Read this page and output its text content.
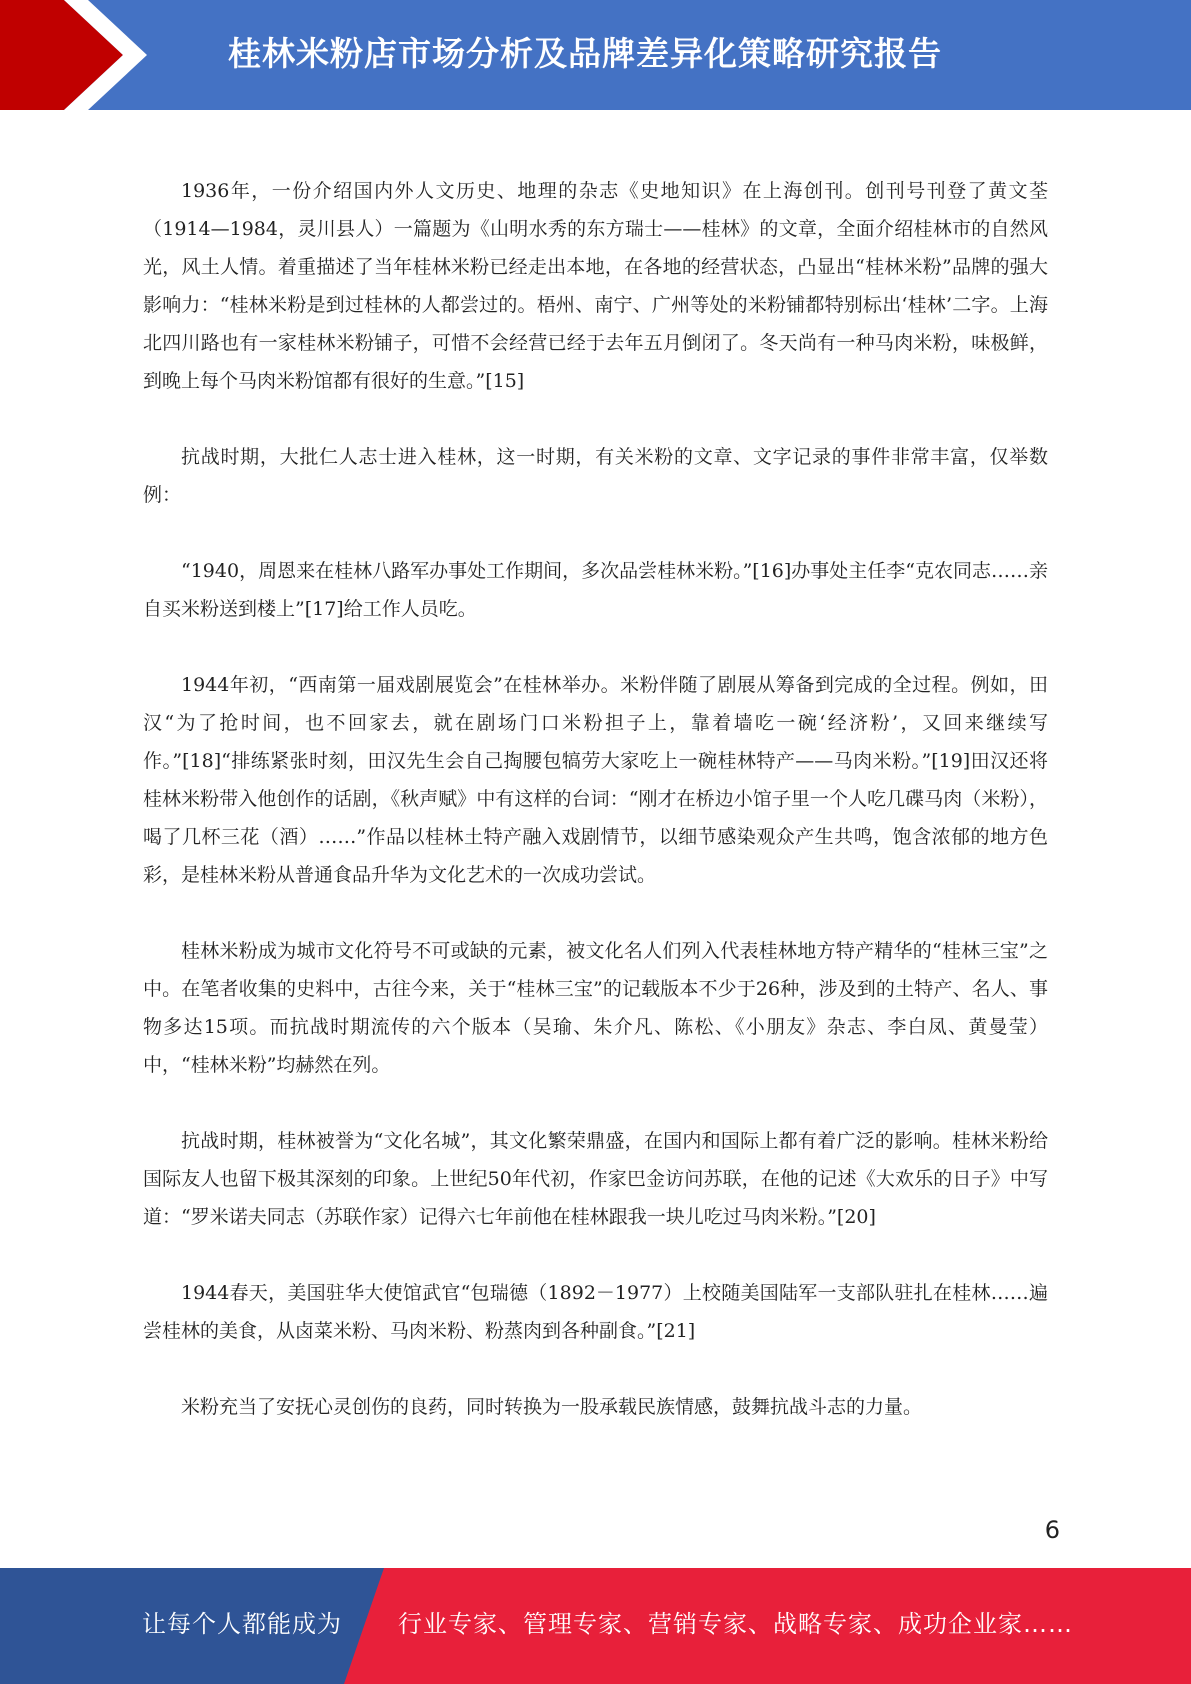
桂林米粉店市场分析及品牌差异化策略研究报告

1936年，一份介绍国内外人文历史、地理的杂志《史地知识》在上海创刊。创刊号刊登了黄文荃（1914—1984，灵川县人）一篇题为《山明水秀的东方瑞士——桂林》的文章，全面介绍桂林市的自然风光，风土人情。着重描述了当年桂林米粉已经走出本地，在各地的经营状态，凸显出“桂林米粉”品牌的强大影响力：“桂林米粉是到过桂林的人都尝过的。梧州、南宁、广州等处的米粉铺都特别标出‘桂林’二字。上海北四川路也有一家桂林米粉铺子，可惜不会经营已经于去年五月倒闭了。冬天尚有一种马肉米粉，味极鲜，到晚上每个马肉米粉馆都有很好的生意。”[15]

抗战时期，大批仁人志士进入桂林，这一时期，有关米粉的文章、文字记录的事件非常丰富，仅举数例：

“1940，周恩来在桂林八路军办事处工作期间，多次品尝桂林米粉。”[16]办事处主任李“克农同志……亲自买米粉送到楼上”[17]给工作人员吃。

1944年初，“西南第一届戏剧展览会”在桂林举办。米粉伴随了剧展从筹备到完成的全过程。例如，田汉“为了抢时间，也不回家去，就在剧场门口米粉担子上，靠着墙吃一碗‘经济粉’，又回来继续写作。”[18]“排练紧张时刻，田汉先生会自己掏腰包犒劳大家吃上一碗桂林特产——马肉米粉。”[19]田汉还将桂林米粉带入他创作的话剧，《秋声赋》中有这样的台词：“刚才在桥边小馆子里一个人吃几碟马肉（米粉），喝了几杯三花（酒）……”作品以桂林土特产融入戏剧情节，以细节感染观众产生共鸣，饱含浓郁的地方色彩，是桂林米粉从普通食品升华为文化艺术的一次成功尝试。

桂林米粉成为城市文化符号不可或缺的元素，被文化名人们列入代表桂林地方特产精华的“桂林三宝”之中。在笔者收集的史料中，古往今来，关于“桂林三宝”的记载版本不少于26种，涉及到的土特产、名人、事物多达15项。而抗战时期流传的六个版本（吴瑜、朱介凡、陈松、《小朋友》杂志、李白凤、黄曼莹）中，“桂林米粉”均赫然在列。

抗战时期，桂林被誉为“文化名城”，其文化繁荣鼎盛，在国内和国际上都有着广泛的影响。桂林米粉给国际友人也留下极其深刻的印象。上世纪50年代初，作家巴金访问苏联，在他的记述《大欢乐的日子》中写道：“罗米诺夫同志（苏联作家）记得六七年前他在桂林跟我一块儿吃过马肉米粉。”[20]

1944春天，美国驻华大使馆武官“包瑞德（1892－1977）上校随美国陆军一支部队驻扎在桂林……遍尝桂林的美食，从卤菜米粉、马肉米粉、粉蒸肉到各种副食。”[21]

米粉充当了安抚心灵创伤的良药，同时转换为一股承载民族情感，鼓舞抗战斗志的力量。

6
让每个人都能成为 行业专家、管理专家、营销专家、战略专家、成功企业家……
